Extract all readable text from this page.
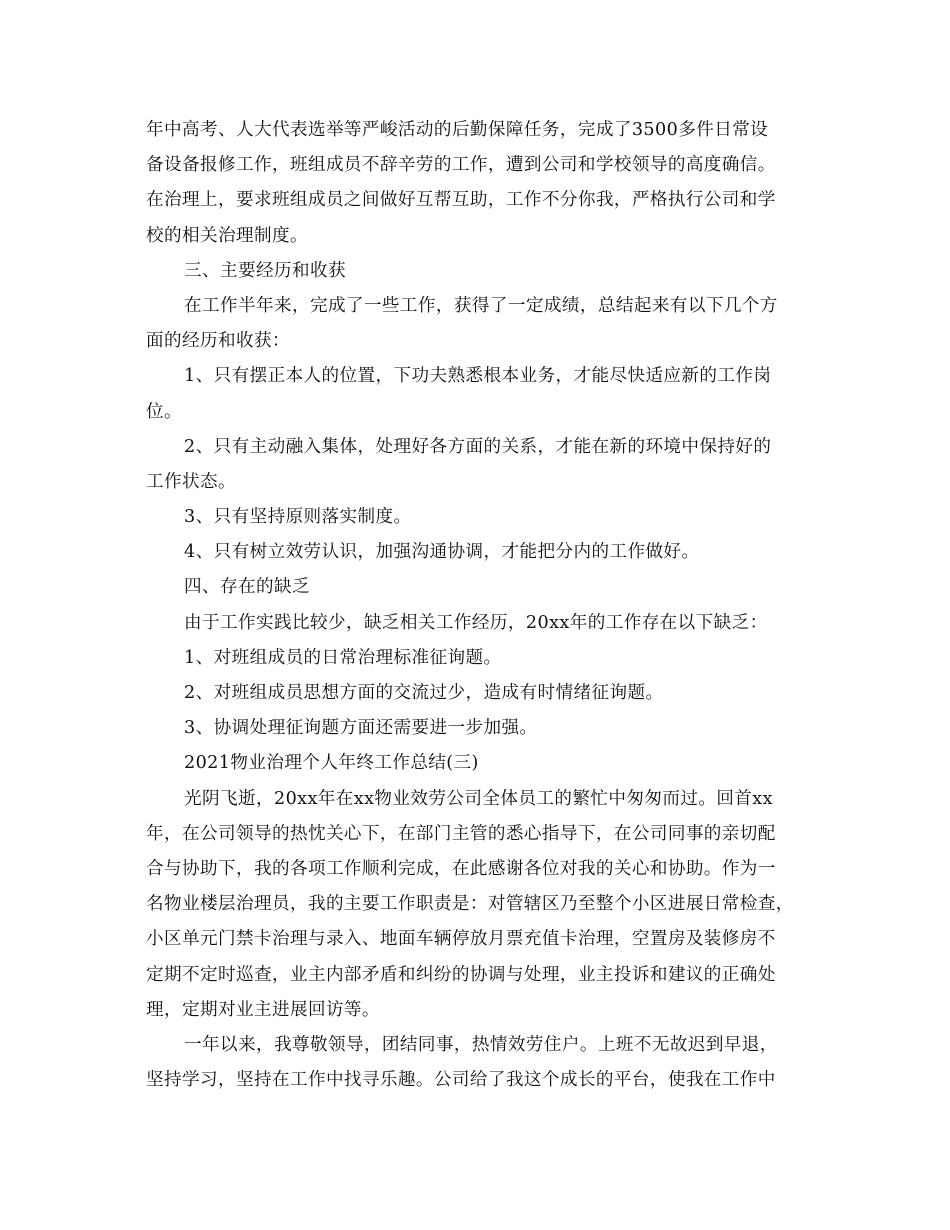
年中高考、人大代表选举等严峻活动的后勤保障任务，完成了3500多件日常设
备设备报修工作，班组成员不辞辛劳的工作，遭到公司和学校领导的高度确信。
在治理上，要求班组成员之间做好互帮互助，工作不分你我，严格执行公司和学
校的相关治理制度。
三、主要经历和收获
在工作半年来，完成了一些工作，获得了一定成绩，总结起来有以下几个方
面的经历和收获：
1、只有摆正本人的位置，下功夫熟悉根本业务，才能尽快适应新的工作岗
位。
2、只有主动融入集体，处理好各方面的关系，才能在新的环境中保持好的
工作状态。
3、只有坚持原则落实制度。
4、只有树立效劳认识，加强沟通协调，才能把分内的工作做好。
四、存在的缺乏
由于工作实践比较少，缺乏相关工作经历，20xx年的工作存在以下缺乏：
1、对班组成员的日常治理标准征询题。
2、对班组成员思想方面的交流过少，造成有时情绪征询题。
3、协调处理征询题方面还需要进一步加强。
2021物业治理个人年终工作总结(三)
光阴飞逝，20xx年在xx物业效劳公司全体员工的繁忙中匆匆而过。回首xx
年，在公司领导的热忱关心下，在部门主管的悉心指导下，在公司同事的亲切配
合与协助下，我的各项工作顺利完成，在此感谢各位对我的关心和协助。作为一
名物业楼层治理员，我的主要工作职责是：对管辖区乃至整个小区进展日常检查，
小区单元门禁卡治理与录入、地面车辆停放月票充值卡治理，空置房及装修房不
定期不定时巡查，业主内部矛盾和纠纷的协调与处理，业主投诉和建议的正确处
理，定期对业主进展回访等。
一年以来，我尊敬领导，团结同事，热情效劳住户。上班不无故迟到早退，
坚持学习，坚持在工作中找寻乐趣。公司给了我这个成长的平台，使我在工作中
